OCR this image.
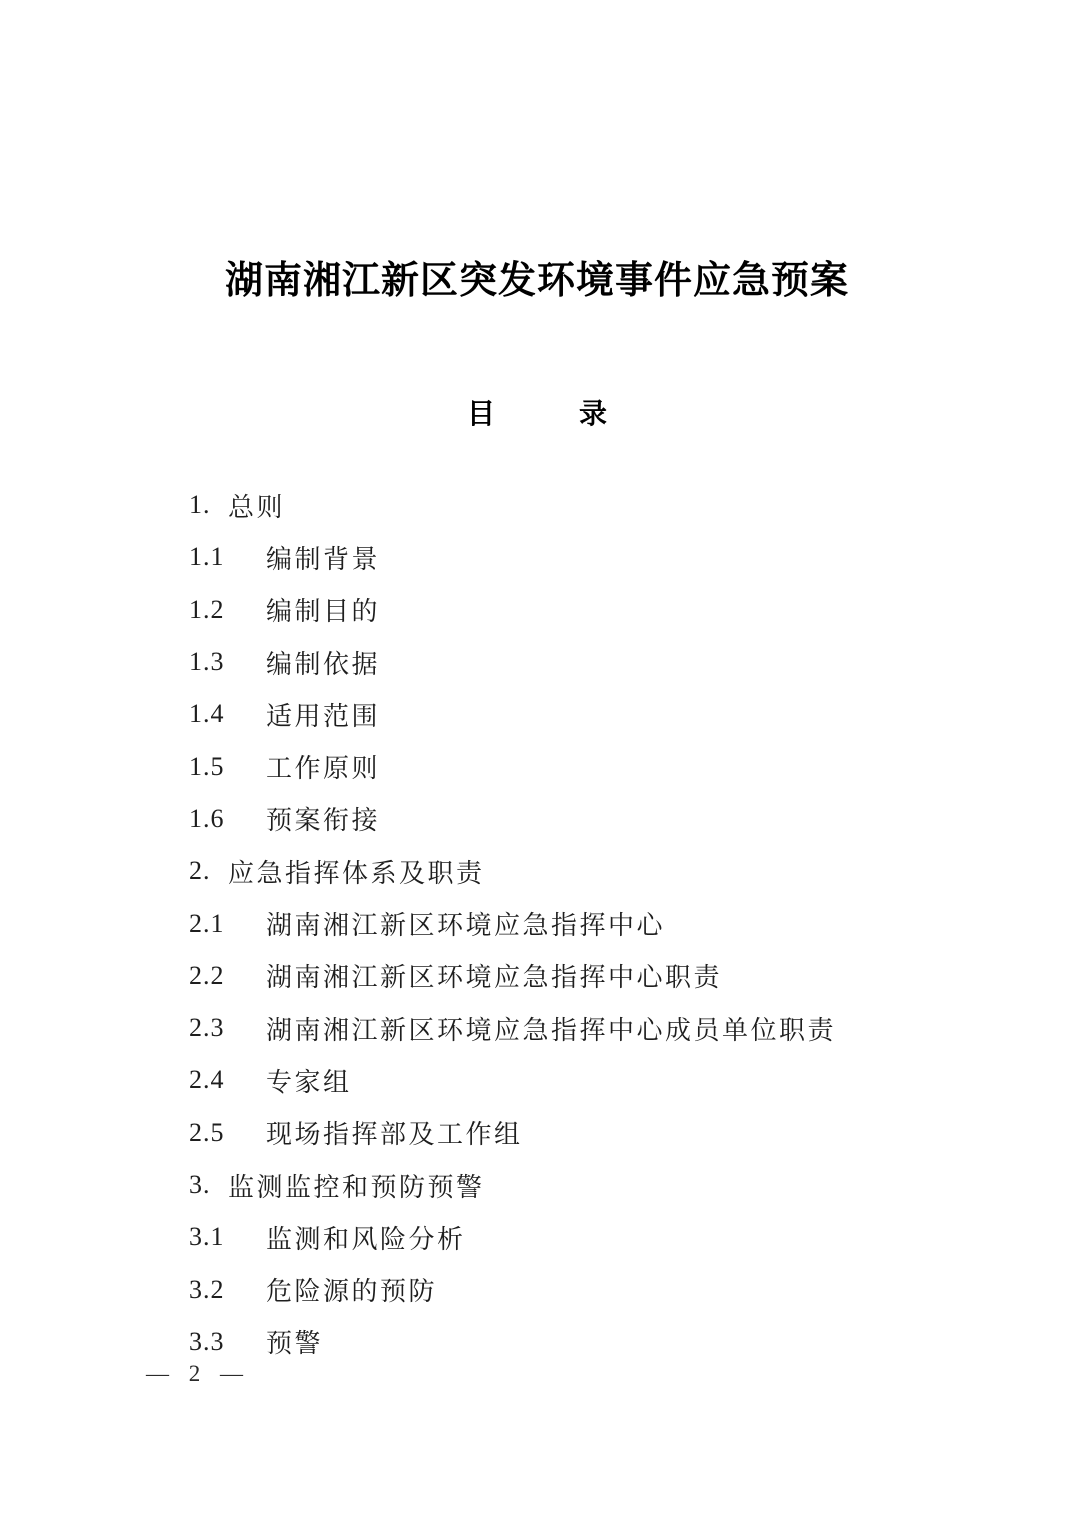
湖南湘江新区突发环境事件应急预案
目　　　录
1. 总则
1.1	编制背景
1.2	编制目的
1.3	编制依据
1.4	适用范围
1.5	工作原则
1.6	预案衔接
2. 应急指挥体系及职责
2.1	湖南湘江新区环境应急指挥中心
2.2	湖南湘江新区环境应急指挥中心职责
2.3	湖南湘江新区环境应急指挥中心成员单位职责
2.4	专家组
2.5	现场指挥部及工作组
3. 监测监控和预防预警
3.1	监测和风险分析
3.2	危险源的预防
3.3	预警
— 2 —
